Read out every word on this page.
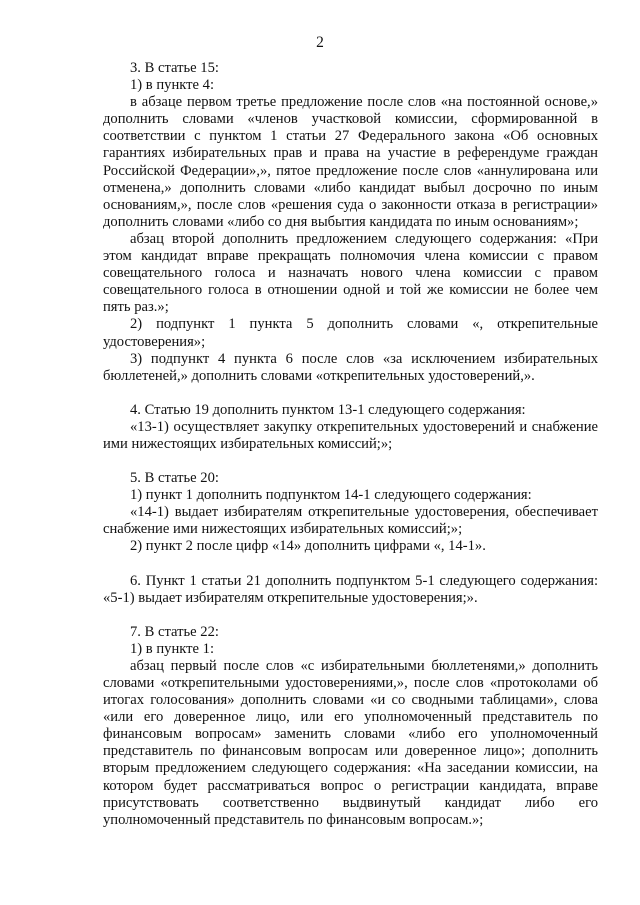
2

3. В статье 15:

1) в пункте 4:

в абзаце первом третье предложение после слов «на постоянной основе,» дополнить словами «членов участковой комиссии, сформированной в соответствии с пунктом 1 статьи 27 Федерального закона «Об основных гарантиях избирательных прав и права на участие в референдуме граждан Российской Федерации»,», пятое предложение после слов «аннулирована или отменена,» дополнить словами «либо кандидат выбыл досрочно по иным основаниям,», после слов «решения суда о законности отказа в регистрации» дополнить словами «либо со дня выбытия кандидата по иным основаниям»;

абзац второй дополнить предложением следующего содержания: «При этом кандидат вправе прекращать полномочия члена комиссии с правом совещательного голоса и назначать нового члена комиссии с правом совещательного голоса в отношении одной и той же комиссии не более чем пять раз.»;

2) подпункт 1 пункта 5 дополнить словами «, открепительные удостоверения»;

3) подпункт 4 пункта 6 после слов «за исключением избирательных бюллетеней,» дополнить словами «открепительных удостоверений,».

4. Статью 19 дополнить пунктом 13-1 следующего содержания:

«13-1) осуществляет закупку открепительных удостоверений и снабжение ими нижестоящих избирательных комиссий;»;

5. В статье 20:

1) пункт 1 дополнить подпунктом 14-1 следующего содержания:

«14-1) выдает избирателям открепительные удостоверения, обеспечивает снабжение ими нижестоящих избирательных комиссий;»;

2) пункт 2 после цифр «14» дополнить цифрами «, 14-1».

6. Пункт 1 статьи 21 дополнить подпунктом 5-1 следующего содержания: «5-1) выдает избирателям открепительные удостоверения;».

7. В статье 22:

1) в пункте 1:

абзац первый после слов «с избирательными бюллетенями,» дополнить словами «открепительными удостоверениями,», после слов «протоколами об итогах голосования» дополнить словами «и со сводными таблицами», слова «или его доверенное лицо, или его уполномоченный представитель по финансовым вопросам» заменить словами «либо его уполномоченный представитель по финансовым вопросам или доверенное лицо»; дополнить вторым предложением следующего содержания: «На заседании комиссии, на котором будет рассматриваться вопрос о регистрации кандидата, вправе присутствовать соответственно выдвинутый кандидат либо его уполномоченный представитель по финансовым вопросам.»;
